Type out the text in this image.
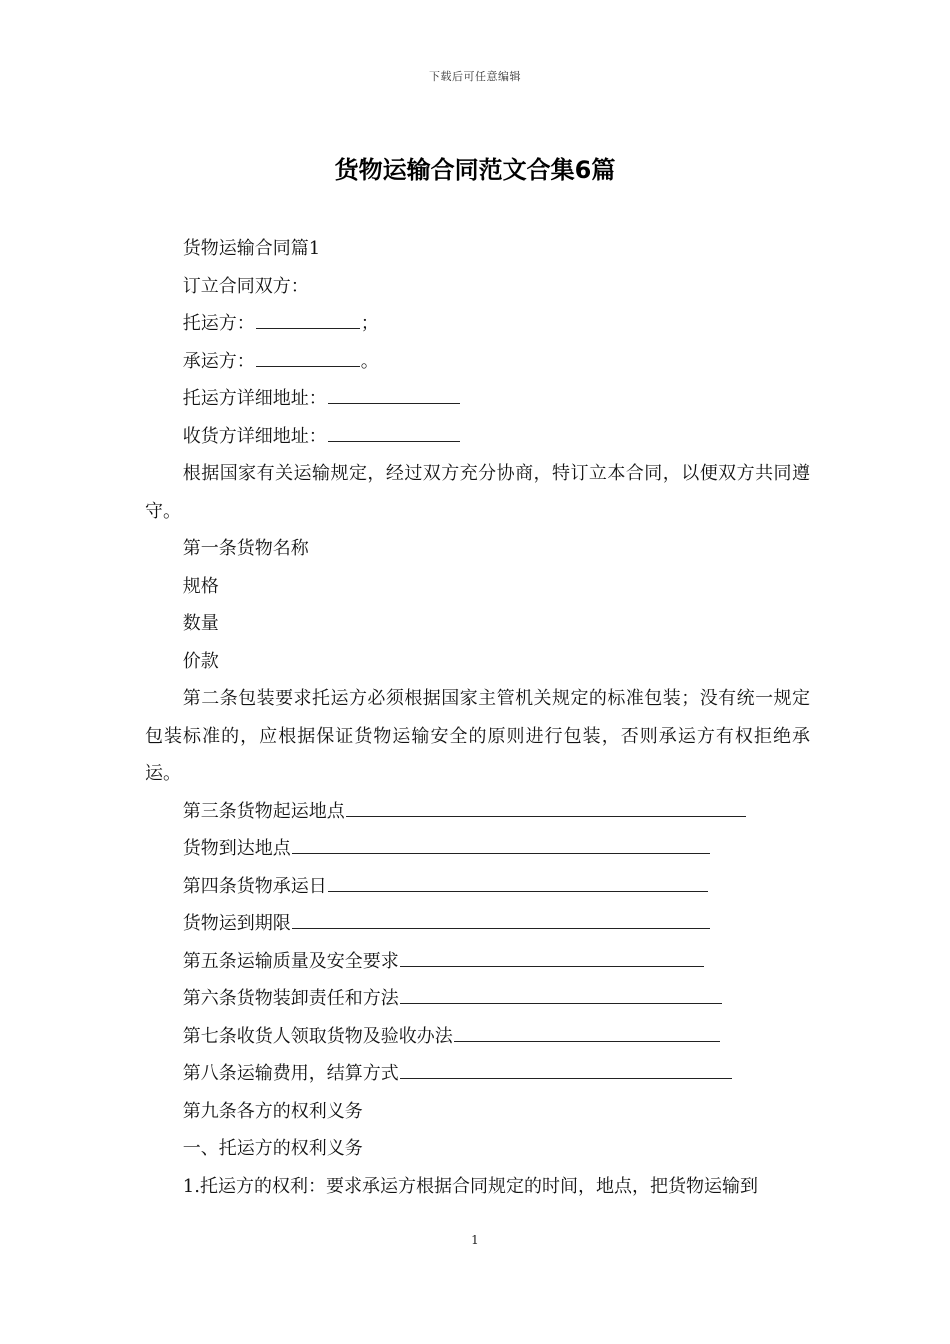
下载后可任意编辑
货物运输合同范文合集6篇

货物运输合同篇1

订立合同双方：

托运方：	；

承运方：	。

托运方详细地址：

收货方详细地址：

根据国家有关运输规定，经过双方充分协商，特订立本合同，以便双方共同遵守。

第一条货物名称

规格

数量

价款

第二条包装要求托运方必须根据国家主管机关规定的标准包装；没有统一规定包装标准的，应根据保证货物运输安全的原则进行包装，否则承运方有权拒绝承运。

第三条货物起运地点

货物到达地点

第四条货物承运日

货物运到期限

第五条运输质量及安全要求

第六条货物装卸责任和方法

第七条收货人领取货物及验收办法

第八条运输费用，结算方式

第九条各方的权利义务

一、托运方的权利义务

1.托运方的权利：要求承运方根据合同规定的时间，地点，把货物运输到

1
